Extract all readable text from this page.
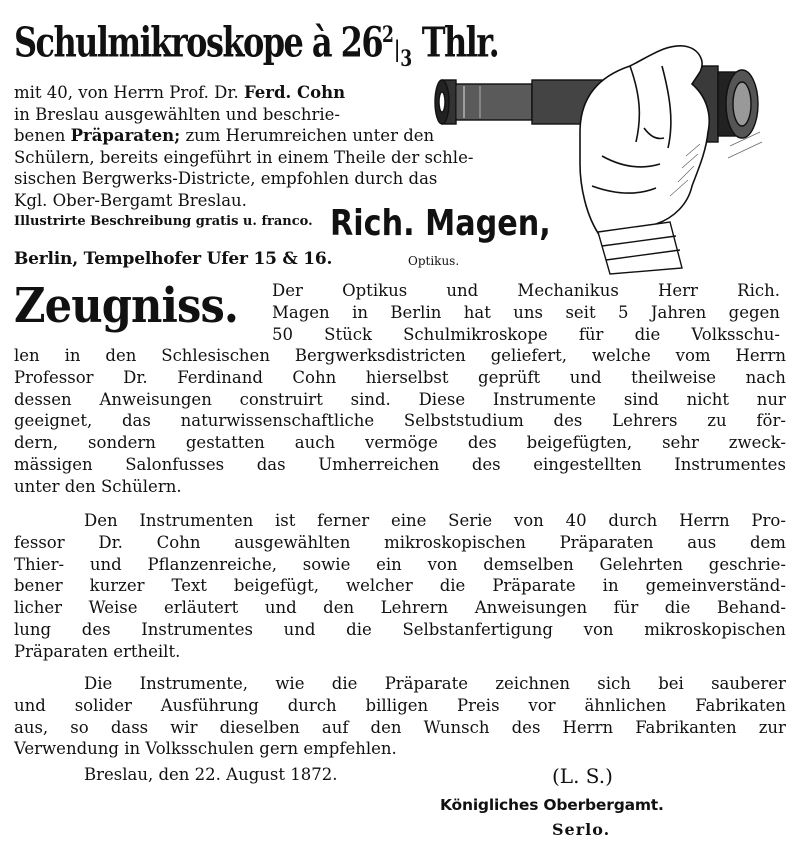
Schulmikroskope à $26^2|_3$ Thlr.
mit 40, von Herrn Prof. Dr. Ferd. Cohn
in Breslau ausgewählten und beschrie-
benen Präparaten; zum Herumreichen unter den
Schülern, bereits eingeführt in einem Theile der schle-
sischen Bergwerks-Districte, empfohlen durch das
Kgl. Ober-Bergamt Breslau.
Illustrirte Beschreibung gratis u. franco. Rich. Magen,
Optikus.
Berlin, Tempelhofer Ufer 15 & 16.
Zeugniss. Der Optikus und Mechanikus Herr Rich.
Magen in Berlin hat uns seit 5 Jahren gegen
50 Stück Schulmikroskope für die Volksschu-
len in den Schlesischen Bergwerksdistricten geliefert, welche vom Herrn
Professor Dr. Ferdinand Cohn hierselbst geprüft und theilweise nach
dessen Anweisungen construirt sind. Diese Instrumente sind nicht nur
geeignet, das naturwissenschaftliche Selbststudium des Lehrers zu för-
dern, sondern gestatten auch vermöge des beigefügten, sehr zweck-
mässigen Salonfusses das Umherreichen des eingestellten Instrumentes
unter den Schülern.
Den Instrumenten ist ferner eine Serie von 40 durch Herrn Pro-
fessor Dr. Cohn ausgewählten mikroskopischen Präparaten aus dem
Thier- und Pflanzenreiche, sowie ein von demselben Gelehrten geschrie-
bener kurzer Text beigefügt, welcher die Präparate in gemeinverständ-
licher Weise erläutert und den Lehrern Anweisungen für die Behand-
lung des Instrumentes und die Selbstanfertigung von mikroskopischen
Präparaten ertheilt.
Die Instrumente, wie die Präparate zeichnen sich bei sauberer
und solider Ausführung durch billigen Preis vor ähnlichen Fabrikaten
aus, so dass wir dieselben auf den Wunsch des Herrn Fabrikanten zur
Verwendung in Volksschulen gern empfehlen.
Breslau, den 22. August 1872.	(L. S.)
Königliches Oberbergamt.
Serlo.
